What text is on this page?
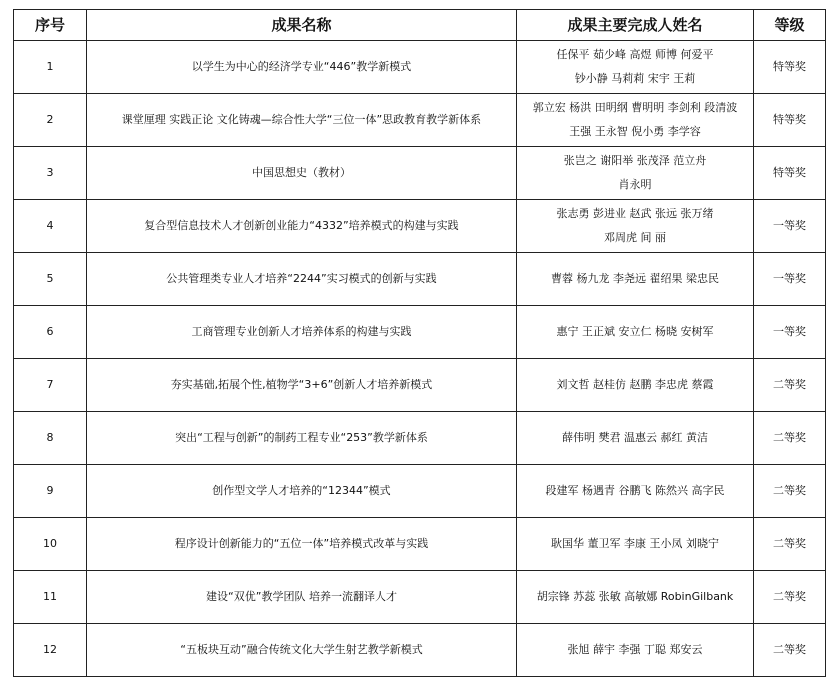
序号	成果名称	成果主要完成人姓名	等级
1	以学生为中心的经济学专业“446”教学新模式	任保平 茹少峰 高煜 师博 何爱平
钞小静 马莉莉 宋宇 王莉	特等奖
2	课堂厘理 实践正论 文化铸魂—综合性大学“三位一体”思政教育教学新体系	郭立宏 杨洪 田明纲 曹明明 李剑利 段清波
王强 王永智 倪小勇 李学容	特等奖
3	中国思想史（教材）	张岂之 谢阳举 张茂泽 范立舟
肖永明	特等奖
4	复合型信息技术人才创新创业能力“4332”培养模式的构建与实践	张志勇 彭进业 赵武 张远 张万绪
邓周虎 间 丽	一等奖
5	公共管理类专业人才培养“2244”实习模式的创新与实践	曹蓉 杨九龙 李尧远 翟绍果 梁忠民	一等奖
6	工商管理专业创新人才培养体系的构建与实践	惠宁 王正斌 安立仁 杨晓 安树军	一等奖
7	夯实基础,拓展个性,植物学“3+6”创新人才培养新模式	刘文哲 赵桂仿 赵鹏 李忠虎 蔡霞	二等奖
8	突出“工程与创新”的制药工程专业“253”教学新体系	薛伟明 樊君 温惠云 郝红 黄洁	二等奖
9	创作型文学人才培养的“12344”模式	段建军 杨遇青 谷鹏飞 陈然兴 高字民	二等奖
10	程序设计创新能力的“五位一体”培养模式改革与实践	耿国华 董卫军 李康 王小凤 刘晓宁	二等奖
11	建设“双优”教学团队 培养一流翻译人才	胡宗锋 苏蕊 张敏 高敏娜 RobinGilbank	二等奖
12	“五板块互动”融合传统文化大学生射艺教学新模式	张旭 薛宇 李强 丁聪 郑安云	二等奖
